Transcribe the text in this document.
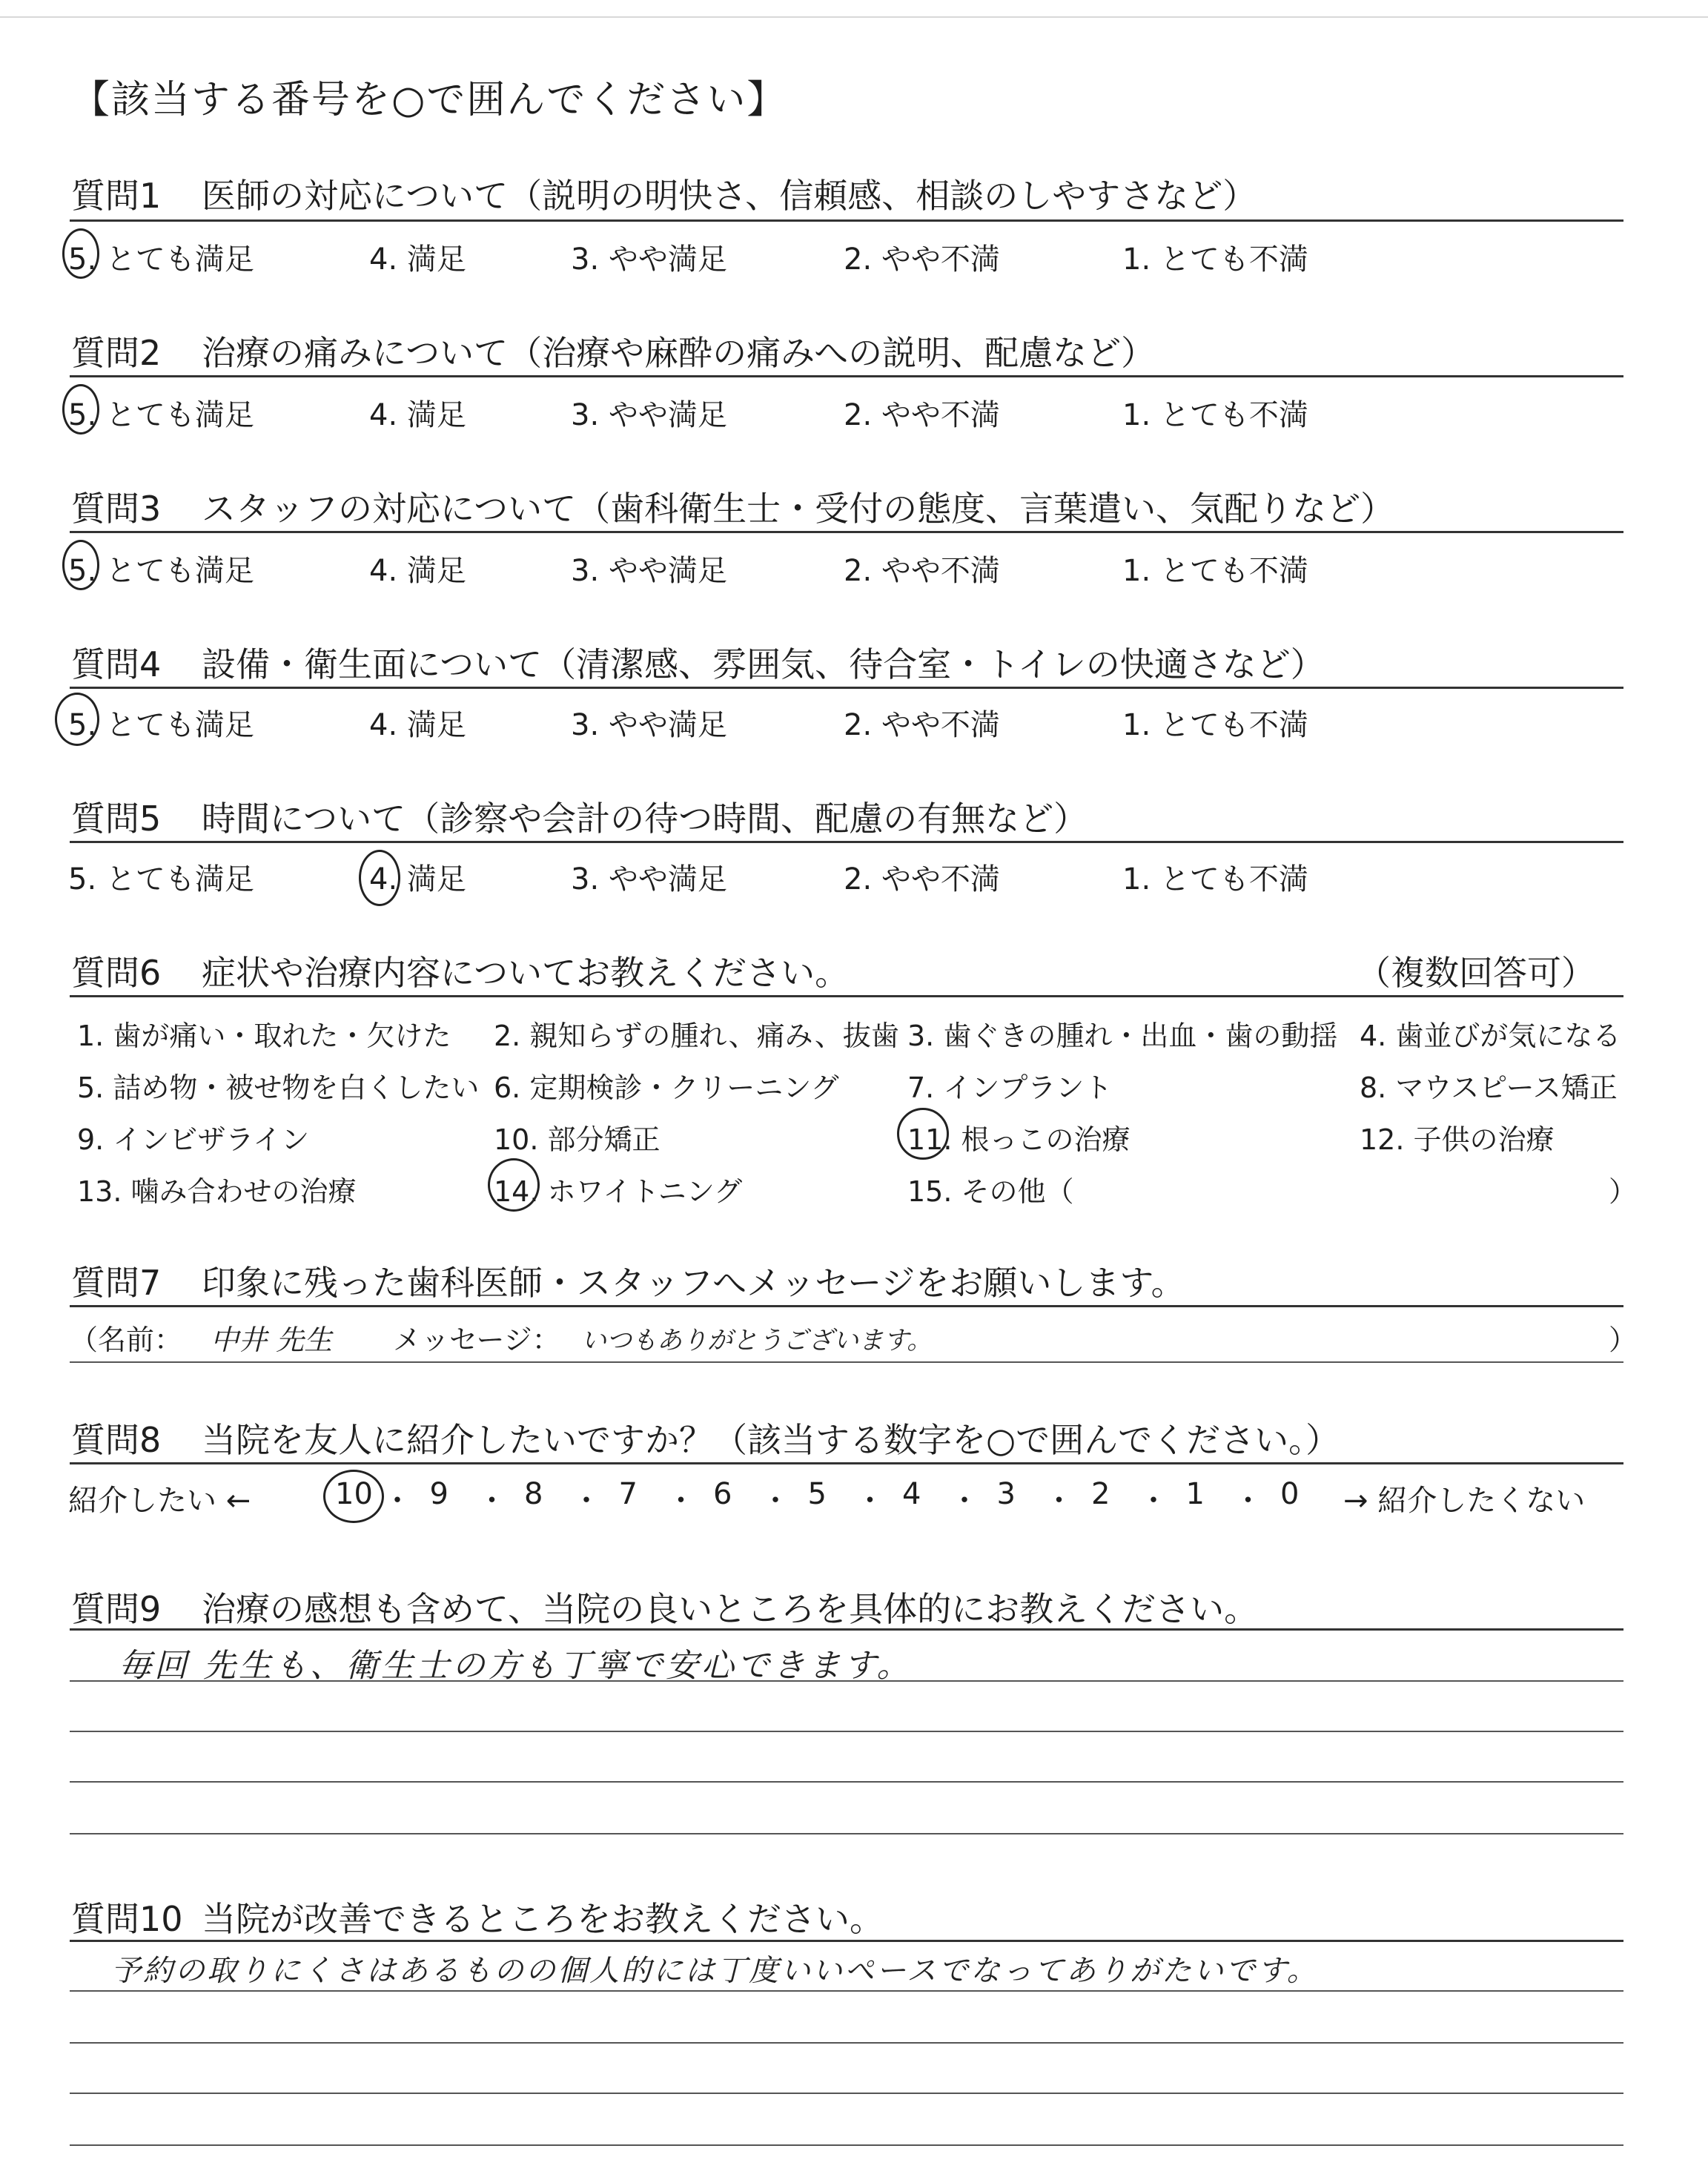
【該当する番号を○で囲んでください】
質問1 医師の対応について（説明の明快さ、信頼感、相談のしやすさなど）
5. とても満足	4. 満足	3. やや満足	2. やや不満	1. とても不満
質問2 治療の痛みについて（治療や麻酔の痛みへの説明、配慮など）
5. とても満足	4. 満足	3. やや満足	2. やや不満	1. とても不満
質問3 スタッフの対応について（歯科衛生士・受付の態度、言葉遣い、気配りなど）
5. とても満足	4. 満足	3. やや満足	2. やや不満	1. とても不満
質問4 設備・衛生面について（清潔感、雰囲気、待合室・トイレの快適さなど）
5. とても満足	4. 満足	3. やや満足	2. やや不満	1. とても不満
質問5 時間について（診察や会計の待つ時間、配慮の有無など）
5. とても満足	4. 満足	3. やや満足	2. やや不満	1. とても不満
質問6 症状や治療内容についてお教えください。	（複数回答可）
1. 歯が痛い・取れた・欠けた 2. 親知らずの腫れ、痛み、抜歯 3. 歯ぐきの腫れ・出血・歯の動揺 4. 歯並びが気になる
5. 詰め物・被せ物を白くしたい 6. 定期検診・クリーニング 7. インプラント	8. マウスピース矯正
9. インビザライン	10. 部分矯正	11. 根っこの治療	12. 子供の治療
13. 噛み合わせの治療	14. ホワイトニング	15. その他（	）
質問7 印象に残った歯科医師・スタッフへメッセージをお願いします。
（名前： 中井 先生 メッセージ： いつもありがとうございます。	）
質問8 当院を友人に紹介したいですか？（該当する数字を○で囲んでください。）
紹介したい ←	10 ・ 9 ・ 8 ・ 7 ・ 6 ・ 5 ・ 4 ・ 3 ・ 2 ・ 1 ・ 0 → 紹介したくない
質問9 治療の感想も含めて、当院の良いところを具体的にお教えください。
毎回 先生も、衛生士の方も丁寧で安心できます。
質問10 当院が改善できるところをお教えください。
予約の取りにくさはあるものの個人的には丁度いいペースでなってありがたいです。
